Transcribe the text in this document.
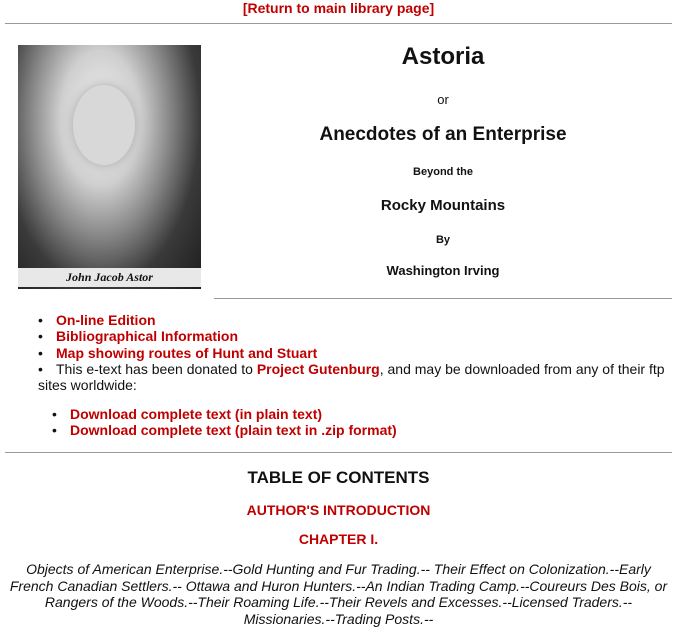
[Return to main library page]
John Jacob Astor
Astoria
or
Anecdotes of an Enterprise
Beyond the
Rocky Mountains
By
Washington Irving
• On-line Edition
• Bibliographical Information
• Map showing routes of Hunt and Stuart
• This e-text has been donated to Project Gutenburg, and may be downloaded from any of their ftp sites worldwide:
• Download complete text (in plain text)
• Download complete text (plain text in .zip format)
TABLE OF CONTENTS
AUTHOR'S INTRODUCTION
CHAPTER I.
Objects of American Enterprise.--Gold Hunting and Fur Trading.-- Their Effect on Colonization.--Early French Canadian Settlers.-- Ottawa and Huron Hunters.--An Indian Trading Camp.--Coureurs Des Bois, or Rangers of the Woods.--Their Roaming Life.--Their Revels and Excesses.--Licensed Traders.--Missionaries.--Trading Posts.--
